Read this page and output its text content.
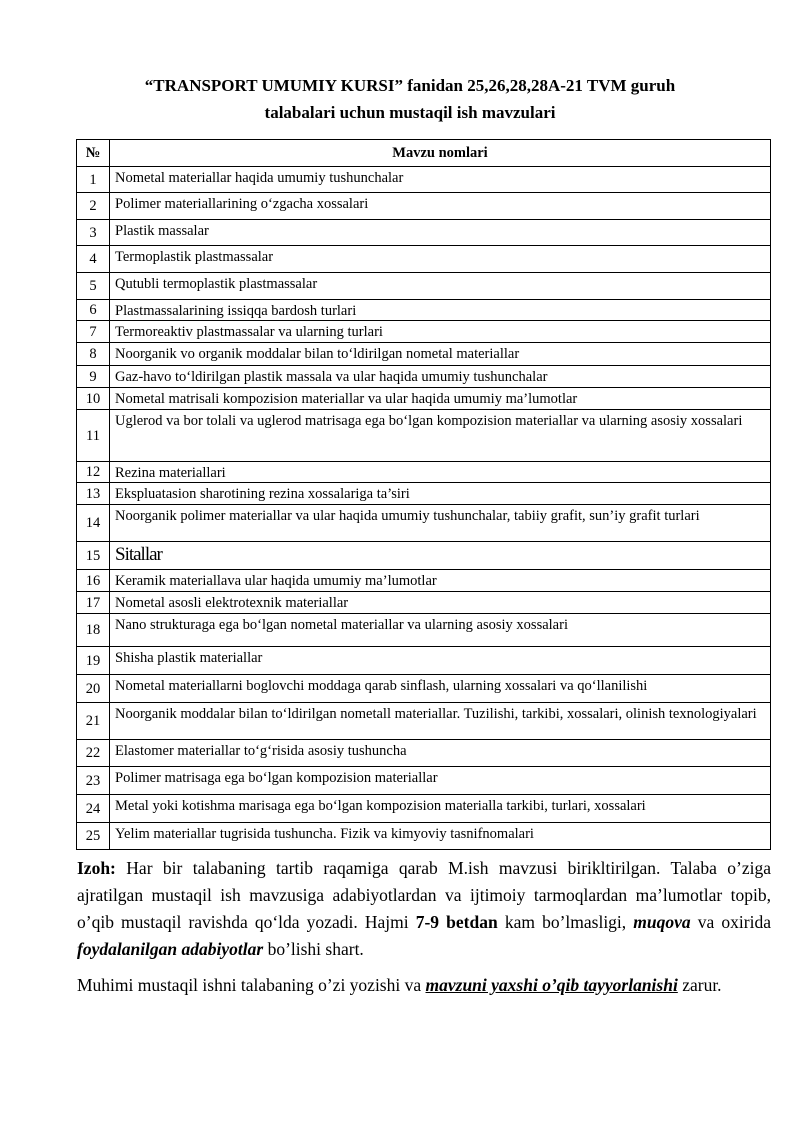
“TRANSPORT UMUMIY KURSI” fanidan 25,26,28,28A-21 TVM guruh
talabalari uchun mustaqil ish mavzulari
№	Mavzu nomlari
1	Nometal materiallar haqida umumiy tushunchalar
2	Polimer materiallarining o‘zgacha xossalari
3	Plastik massalar
4	Termoplastik plastmassalar
5	Qutubli termoplastik plastmassalar
6	Plastmassalarining issiqqa bardosh turlari
7	Termoreaktiv plastmassalar va ularning turlari
8	Noorganik vo organik moddalar bilan to‘ldirilgan nometal materiallar
9	Gaz-havo to‘ldirilgan plastik massala va ular haqida umumiy tushunchalar
10	Nometal matrisali kompozision materiallar va ular haqida umumiy ma’lumotlar
11	Uglerod va bor tolali va uglerod matrisaga ega bo‘lgan kompozision materiallar va ularning asosiy xossalari
12	Rezina materiallari
13	Ekspluatasion sharotining rezina xossalariga ta’siri
14	Noorganik polimer materiallar va ular haqida umumiy tushunchalar, tabiiy grafit, sun’iy grafit turlari
15	Sitallar
16	Keramik materiallava ular haqida umumiy ma’lumotlar
17	Nometal asosli elektrotexnik materiallar
18	Nano strukturaga ega bo‘lgan nometal materiallar va ularning asosiy xossalari
19	Shisha plastik materiallar
20	Nometal materiallarni boglovchi moddaga qarab sinflash, ularning xossalari va qo‘llanilishi
21	Noorganik moddalar bilan to‘ldirilgan nometall materiallar. Tuzilishi, tarkibi, xossalari, olinish texnologiyalari
22	Elastomer materiallar to‘g‘risida asosiy tushuncha
23	Polimer matrisaga ega bo‘lgan kompozision materiallar
24	Metal yoki kotishma marisaga ega bo‘lgan kompozision materialla tarkibi, turlari, xossalari
25	Yelim materiallar tugrisida tushuncha. Fizik va kimyoviy tasnifnomalari

Izoh: Har bir talabaning tartib raqamiga qarab M.ish mavzusi birikltirilgan. Talaba o’ziga ajratilgan mustaqil ish mavzusiga adabiyotlardan va ijtimoiy tarmoqlardan ma’lumotlar topib, o’qib mustaqil ravishda qo‘lda yozadi. Hajmi 7-9 betdan kam bo’lmasligi, muqova va oxirida foydalanilgan adabiyotlar bo’lishi shart.

Muhimi mustaqil ishni talabaning o’zi yozishi va mavzuni yaxshi o’qib tayyorlanishi zarur.
